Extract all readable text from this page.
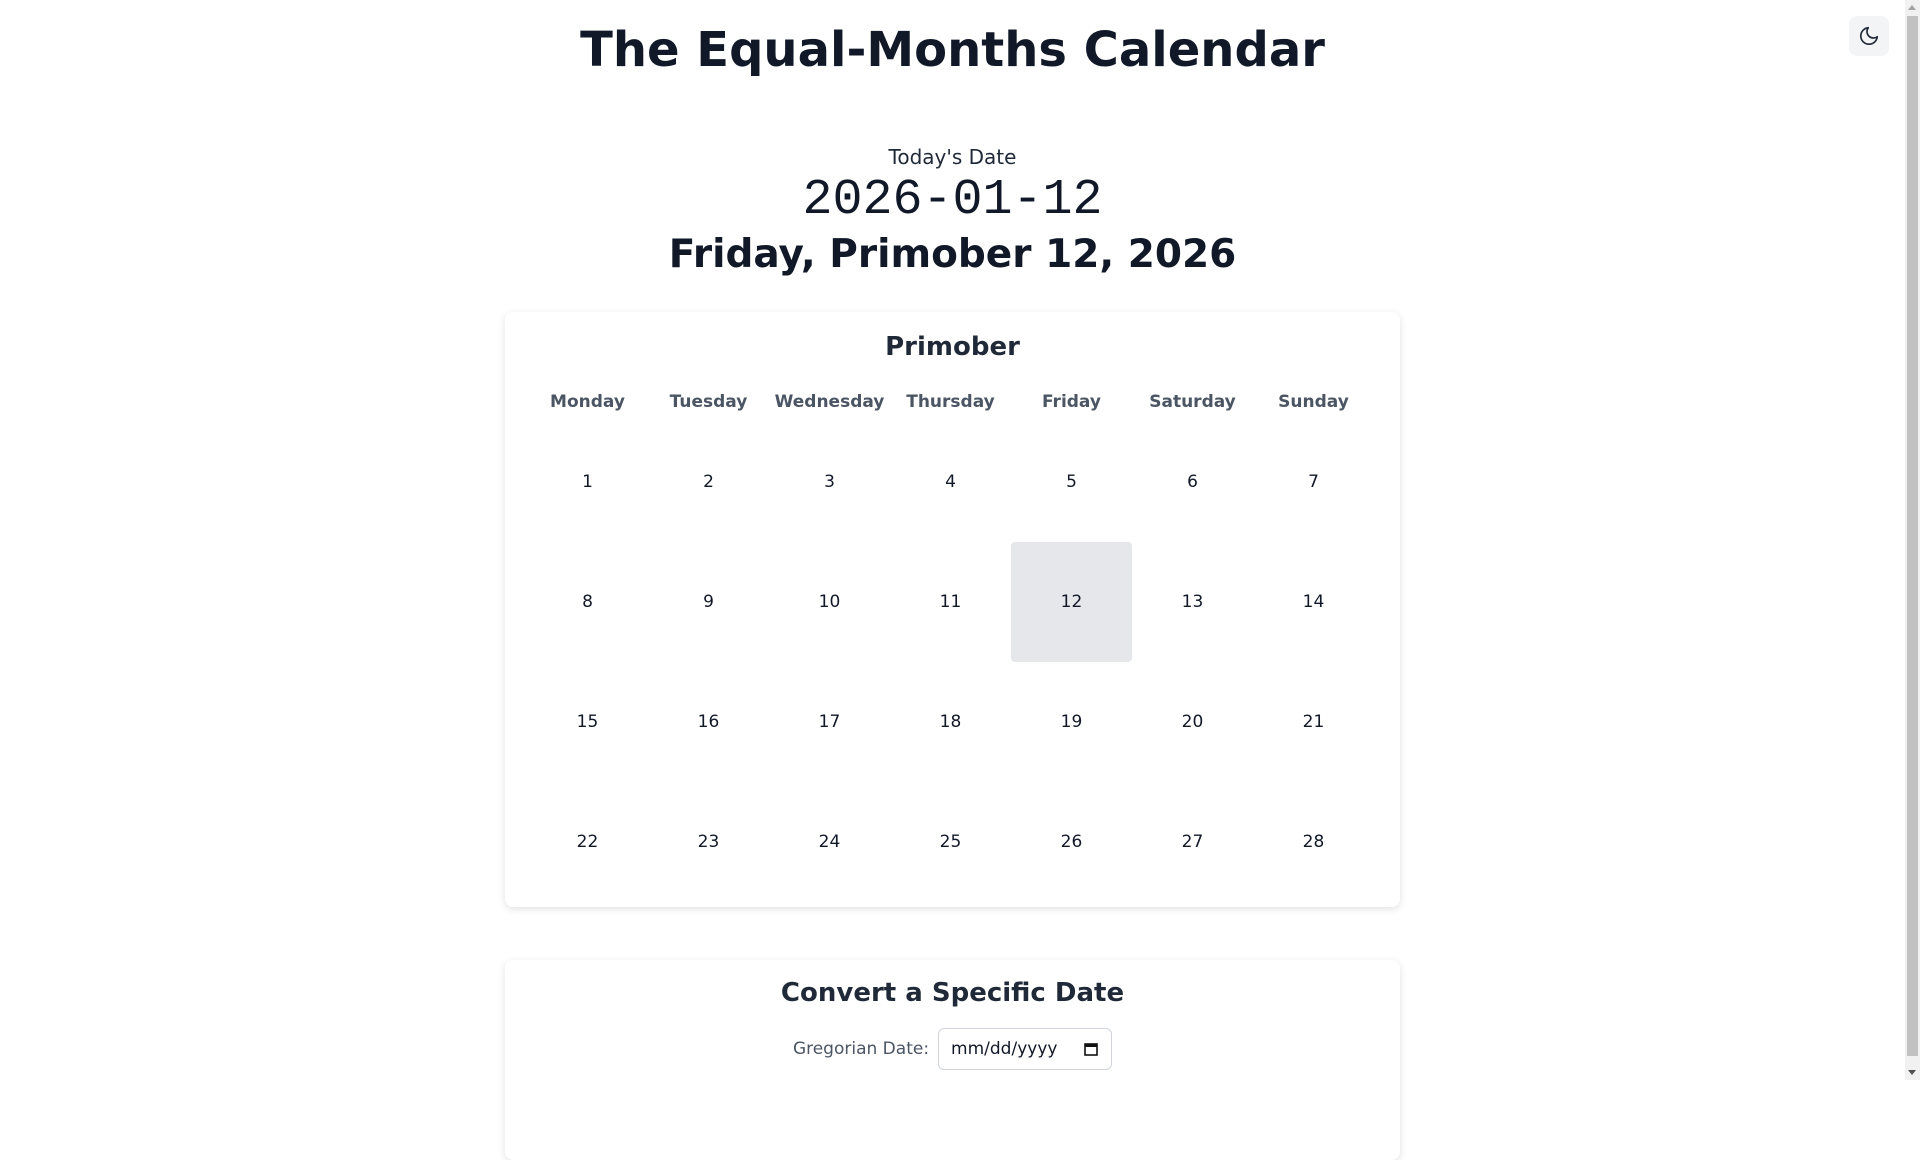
The Equal-Months Calendar
Today's Date
2026-01-12
Friday, Primober 12, 2026
Primober
Monday	Tuesday	Wednesday	Thursday	Friday	Saturday	Sunday
1	2	3	4	5	6	7
8	9	10	11	12	13	14
15	16	17	18	19	20	21
22	23	24	25	26	27	28
Convert a Specific Date
Gregorian Date: mm/dd/yyyy
